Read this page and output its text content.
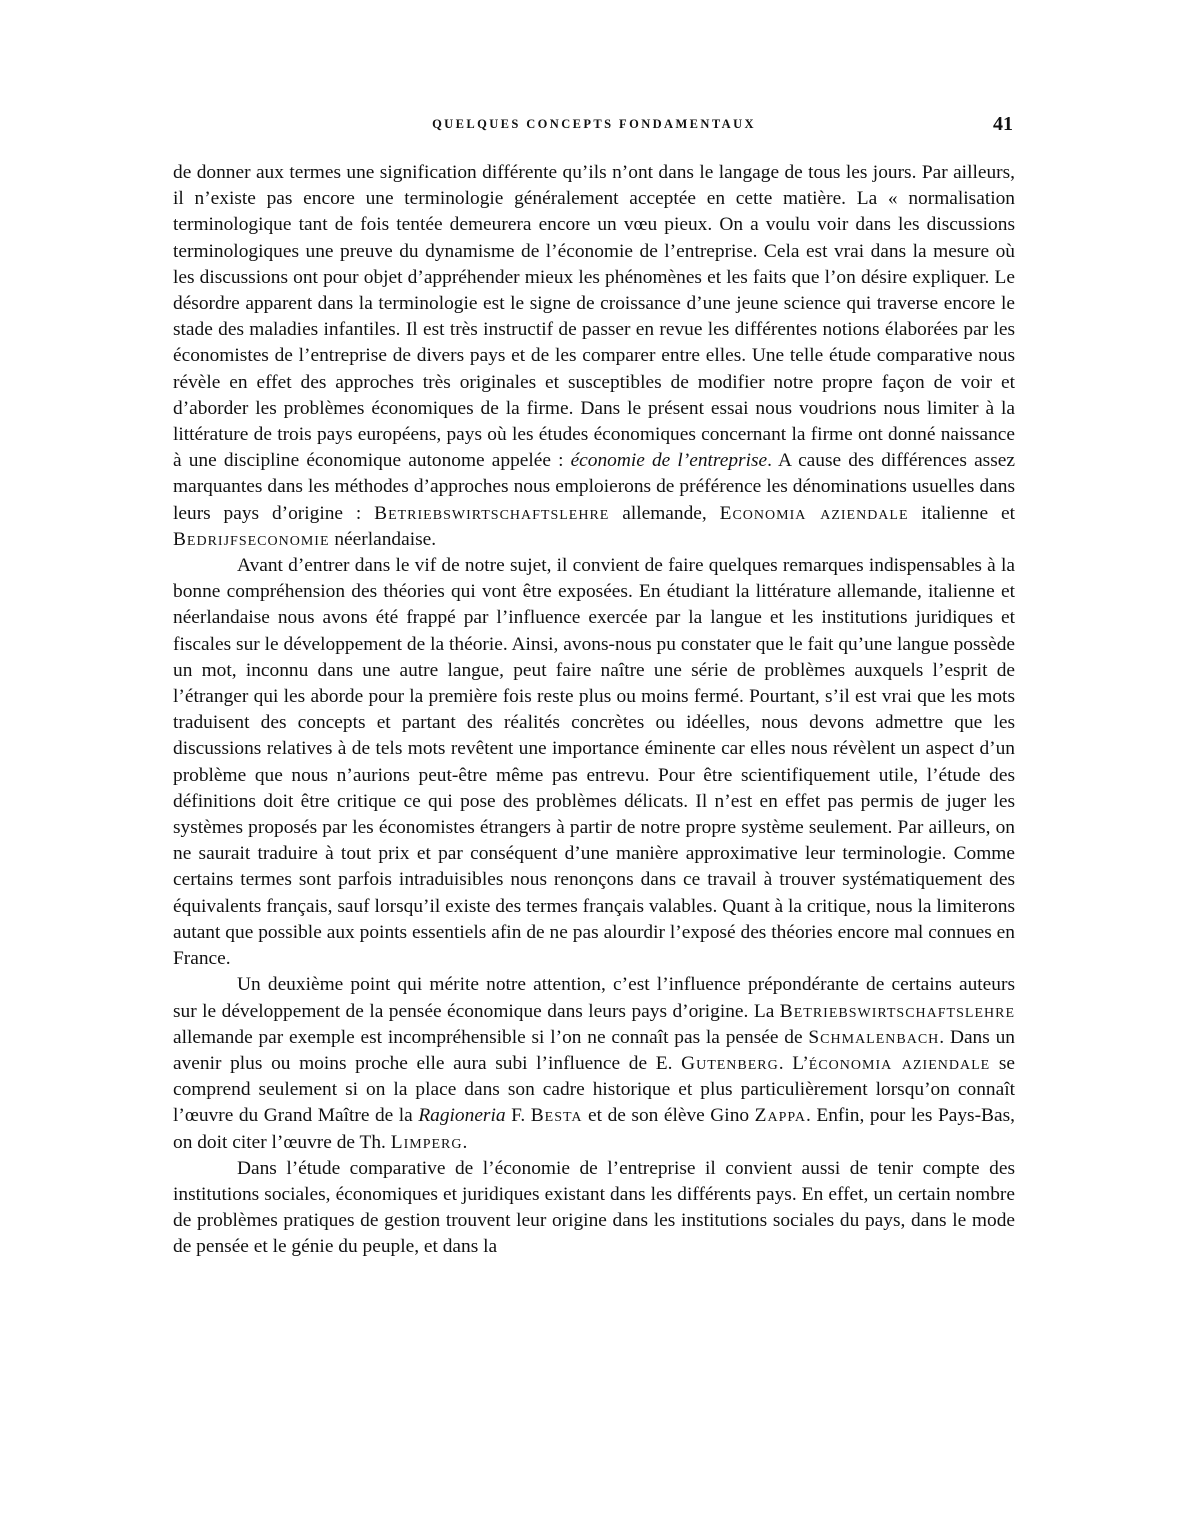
QUELQUES CONCEPTS FONDAMENTAUX	41

de donner aux termes une signification différente qu’ils n’ont dans le langage de tous les jours. Par ailleurs, il n’existe pas encore une terminologie généralement acceptée en cette matière. La « normalisation terminologique tant de fois tentée demeurera encore un vœu pieux. On a voulu voir dans les discussions terminologiques une preuve du dynamisme de l’économie de l’entreprise. Cela est vrai dans la mesure où les discussions ont pour objet d’appréhender mieux les phénomènes et les faits que l’on désire expliquer. Le désordre apparent dans la terminologie est le signe de croissance d’une jeune science qui traverse encore le stade des maladies infantiles. Il est très instructif de passer en revue les différentes notions élaborées par les économistes de l’entreprise de divers pays et de les comparer entre elles. Une telle étude comparative nous révèle en effet des approches très originales et susceptibles de modifier notre propre façon de voir et d’aborder les problèmes économiques de la firme. Dans le présent essai nous voudrions nous limiter à la littérature de trois pays européens, pays où les études économiques concernant la firme ont donné naissance à une discipline économique autonome appelée : économie de l’entreprise. A cause des différences assez marquantes dans les méthodes d’approches nous emploierons de préférence les dénominations usuelles dans leurs pays d’origine : Betriebswirtschaftslehre allemande, Economia aziendale italienne et Bedrijfseconomie néerlandaise.

Avant d’entrer dans le vif de notre sujet, il convient de faire quelques remarques indispensables à la bonne compréhension des théories qui vont être exposées. En étudiant la littérature allemande, italienne et néerlandaise nous avons été frappé par l’influence exercée par la langue et les institutions juridiques et fiscales sur le développement de la théorie. Ainsi, avons-nous pu constater que le fait qu’une langue possède un mot, inconnu dans une autre langue, peut faire naître une série de problèmes auxquels l’esprit de l’étranger qui les aborde pour la première fois reste plus ou moins fermé. Pourtant, s’il est vrai que les mots traduisent des concepts et partant des réalités concrètes ou idéelles, nous devons admettre que les discussions relatives à de tels mots revêtent une importance éminente car elles nous révèlent un aspect d’un problème que nous n’aurions peut-être même pas entrevu. Pour être scientifiquement utile, l’étude des définitions doit être critique ce qui pose des problèmes délicats. Il n’est en effet pas permis de juger les systèmes proposés par les économistes étrangers à partir de notre propre système seulement. Par ailleurs, on ne saurait traduire à tout prix et par conséquent d’une manière approximative leur terminologie. Comme certains termes sont parfois intraduisibles nous renonçons dans ce travail à trouver systématiquement des équivalents français, sauf lorsqu’il existe des termes français valables. Quant à la critique, nous la limiterons autant que possible aux points essentiels afin de ne pas alourdir l’exposé des théories encore mal connues en France.

Un deuxième point qui mérite notre attention, c’est l’influence prépondérante de certains auteurs sur le développement de la pensée économique dans leurs pays d’origine. La Betriebswirtschaftslehre allemande par exemple est incompréhensible si l’on ne connaît pas la pensée de Schmalenbach. Dans un avenir plus ou moins proche elle aura subi l’influence de E. Gutenberg. L’économia aziendale se comprend seulement si on la place dans son cadre historique et plus particulièrement lorsqu’on connaît l’œuvre du Grand Maître de la Ragioneria F. Besta et de son élève Gino Zappa. Enfin, pour les Pays-Bas, on doit citer l’œuvre de Th. Limperg.

Dans l’étude comparative de l’économie de l’entreprise il convient aussi de tenir compte des institutions sociales, économiques et juridiques existant dans les différents pays. En effet, un certain nombre de problèmes pratiques de gestion trouvent leur origine dans les institutions sociales du pays, dans le mode de pensée et le génie du peuple, et dans la
